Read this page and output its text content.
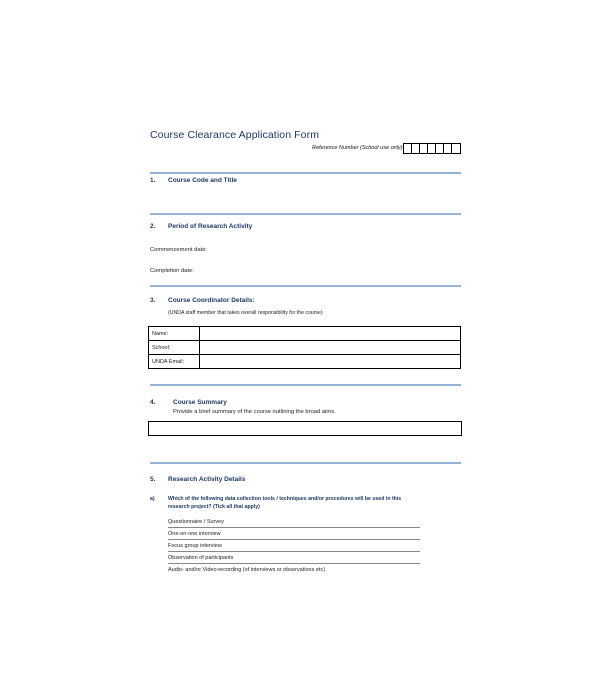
Course Clearance Application Form
Reference Number (School use only)
1. Course Code and Title
2. Period of Research Activity
Commencement date:
Completion date:
3. Course Coordinator Details:
(UNDA staff member that takes overall responsibility for the course)
Name:	
School:	
UNDA Email:	
4.	Course Summary
Provide a brief summary of the course outlining the broad aims.
5. Research Activity Details
a)	Which of the following data collection tools / techniques and/or procedures will be used in this
research project? (Tick all that apply)
Questionnaire / Survey
One-on-one interview
Focus group interview
Observation of participants
Audio- and/or Video-recording (of interviews or observations etc)
